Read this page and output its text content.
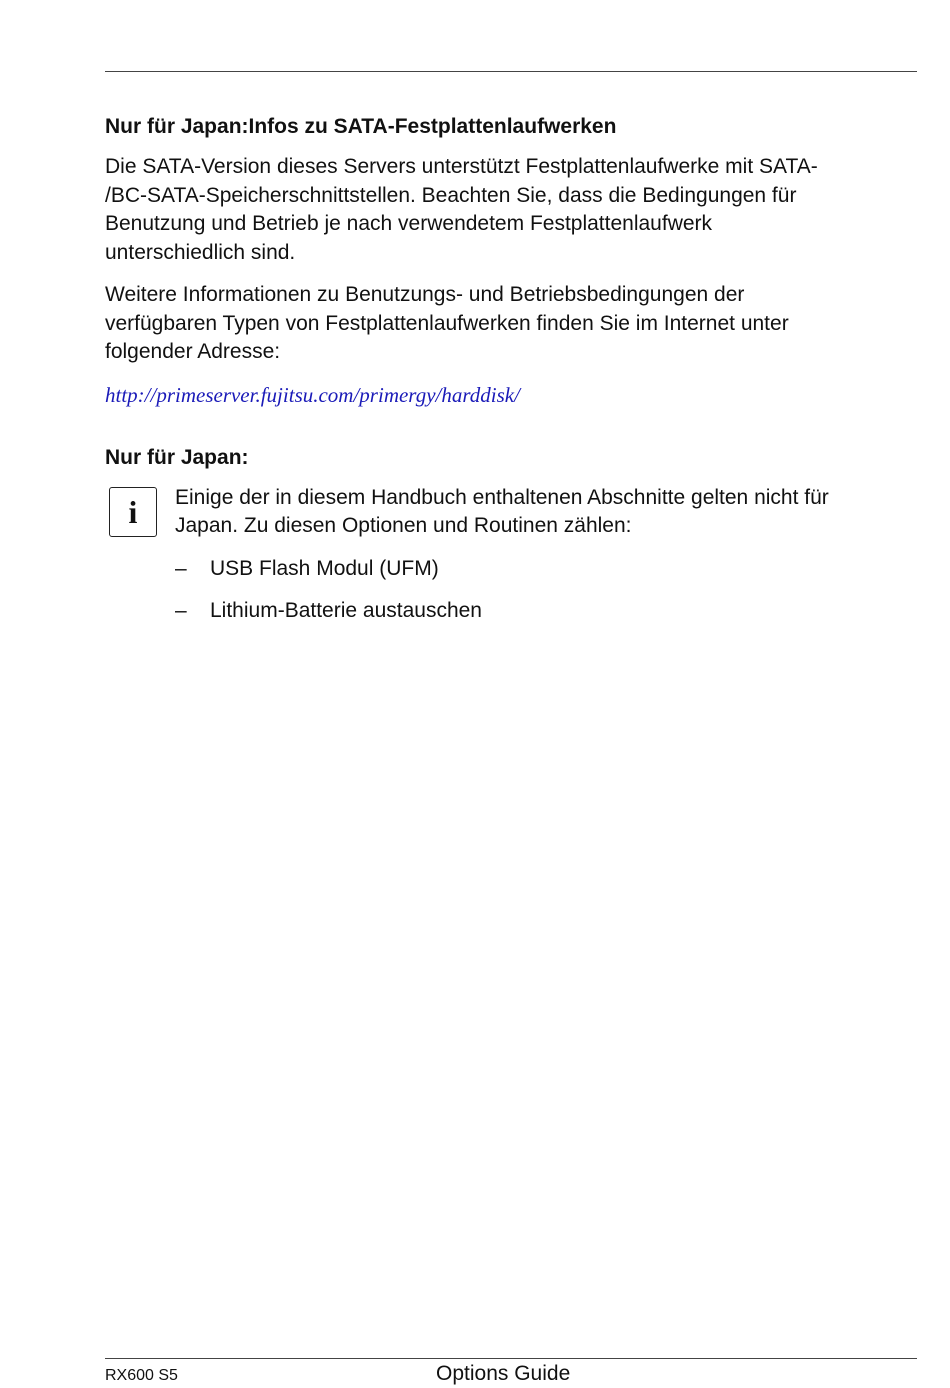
Nur für Japan:Infos zu SATA-Festplattenlaufwerken
Die SATA-Version dieses Servers unterstützt Festplattenlaufwerke mit SATA-
/BC-SATA-Speicherschnittstellen. Beachten Sie, dass die Bedingungen für
Benutzung und Betrieb je nach verwendetem Festplattenlaufwerk
unterschiedlich sind.
Weitere Informationen zu Benutzungs- und Betriebsbedingungen der
verfügbaren Typen von Festplattenlaufwerken finden Sie im Internet unter
folgender Adresse:
http://primeserver.fujitsu.com/primergy/harddisk/
Nur für Japan:
i	Einige der in diesem Handbuch enthaltenen Abschnitte gelten nicht für
Japan. Zu diesen Optionen und Routinen zählen:
– USB Flash Modul (UFM)
– Lithium-Batterie austauschen
RX600 S5	Options Guide
